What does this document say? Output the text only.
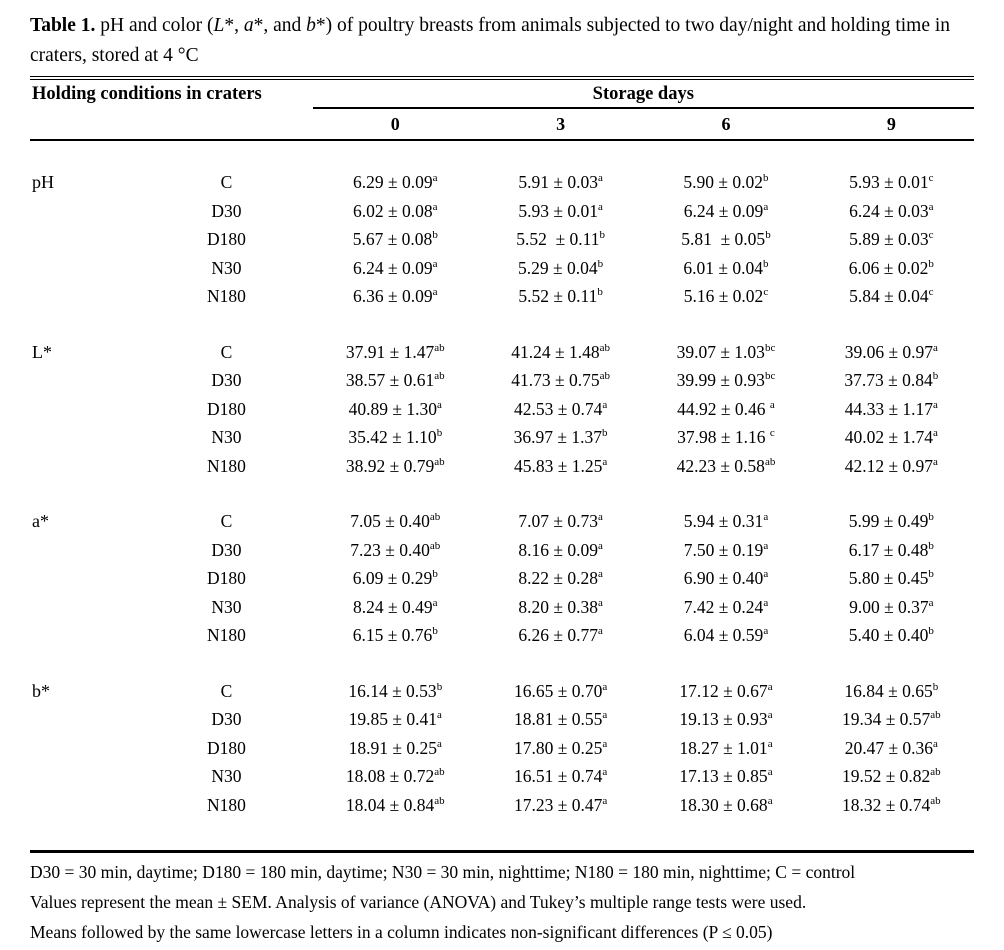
Table 1. pH and color (L*, a*, and b*) of poultry breasts from animals subjected to two day/night and holding time in craters, stored at 4 °C

Holding conditions in craters		Storage days			
		0	3	6	9

pH	C	6.29 ± 0.09$^a$	5.91 ± 0.03$^a$	5.90 ± 0.02$^b$	5.93 ± 0.01$^c$
	D30	6.02 ± 0.08$^a$	5.93 ± 0.01$^a$	6.24 ± 0.09$^a$	6.24 ± 0.03$^a$
	D180	5.67 ± 0.08$^b$	5.52  ± 0.11$^b$	5.81  ± 0.05$^b$	5.89 ± 0.03$^c$
	N30	6.24 ± 0.09$^a$	5.29 ± 0.04$^b$	6.01 ± 0.04$^b$	6.06 ± 0.02$^b$
	N180	6.36 ± 0.09$^a$	5.52 ± 0.11$^b$	5.16 ± 0.02$^c$	5.84 ± 0.04$^c$

L*	C	37.91 ± 1.47$^{ab}$	41.24 ± 1.48$^{ab}$	39.07 ± 1.03$^{bc}$	39.06 ± 0.97$^a$
	D30	38.57 ± 0.61$^{ab}$	41.73 ± 0.75$^{ab}$	39.99 ± 0.93$^{bc}$	37.73 ± 0.84$^b$
	D180	40.89 ± 1.30$^a$	42.53 ± 0.74$^a$	44.92 ± 0.46 $^a$	44.33 ± 1.17$^a$
	N30	35.42 ± 1.10$^b$	36.97 ± 1.37$^b$	37.98 ± 1.16 $^c$	40.02 ± 1.74$^a$
	N180	38.92 ± 0.79$^{ab}$	45.83 ± 1.25$^a$	42.23 ± 0.58$^{ab}$	42.12 ± 0.97$^a$

a*	C	7.05 ± 0.40$^{ab}$	7.07 ± 0.73$^a$	5.94 ± 0.31$^a$	5.99 ± 0.49$^b$
	D30	7.23 ± 0.40$^{ab}$	8.16 ± 0.09$^a$	7.50 ± 0.19$^a$	6.17 ± 0.48$^b$
	D180	6.09 ± 0.29$^b$	8.22 ± 0.28$^a$	6.90 ± 0.40$^a$	5.80 ± 0.45$^b$
	N30	8.24 ± 0.49$^a$	8.20 ± 0.38$^a$	7.42 ± 0.24$^a$	9.00 ± 0.37$^a$
	N180	6.15 ± 0.76$^b$	6.26 ± 0.77$^a$	6.04 ± 0.59$^a$	5.40 ± 0.40$^b$

b*	C	16.14 ± 0.53$^b$	16.65 ± 0.70$^a$	17.12 ± 0.67$^a$	16.84 ± 0.65$^b$
	D30	19.85 ± 0.41$^a$	18.81 ± 0.55$^a$	19.13 ± 0.93$^a$	19.34 ± 0.57$^{ab}$
	D180	18.91 ± 0.25$^a$	17.80 ± 0.25$^a$	18.27 ± 1.01$^a$	20.47 ± 0.36$^a$
	N30	18.08 ± 0.72$^{ab}$	16.51 ± 0.74$^a$	17.13 ± 0.85$^a$	19.52 ± 0.82$^{ab}$
	N180	18.04 ± 0.84$^{ab}$	17.23 ± 0.47$^a$	18.30 ± 0.68$^a$	18.32 ± 0.74$^{ab}$

D30 = 30 min, daytime; D180 = 180 min, daytime; N30 = 30 min, nighttime; N180 = 180 min, nighttime; C = control

Values represent the mean ± SEM. Analysis of variance (ANOVA) and Tukey’s multiple range tests were used.

Means followed by the same lowercase letters in a column indicates non-significant differences (P ≤ 0.05)
